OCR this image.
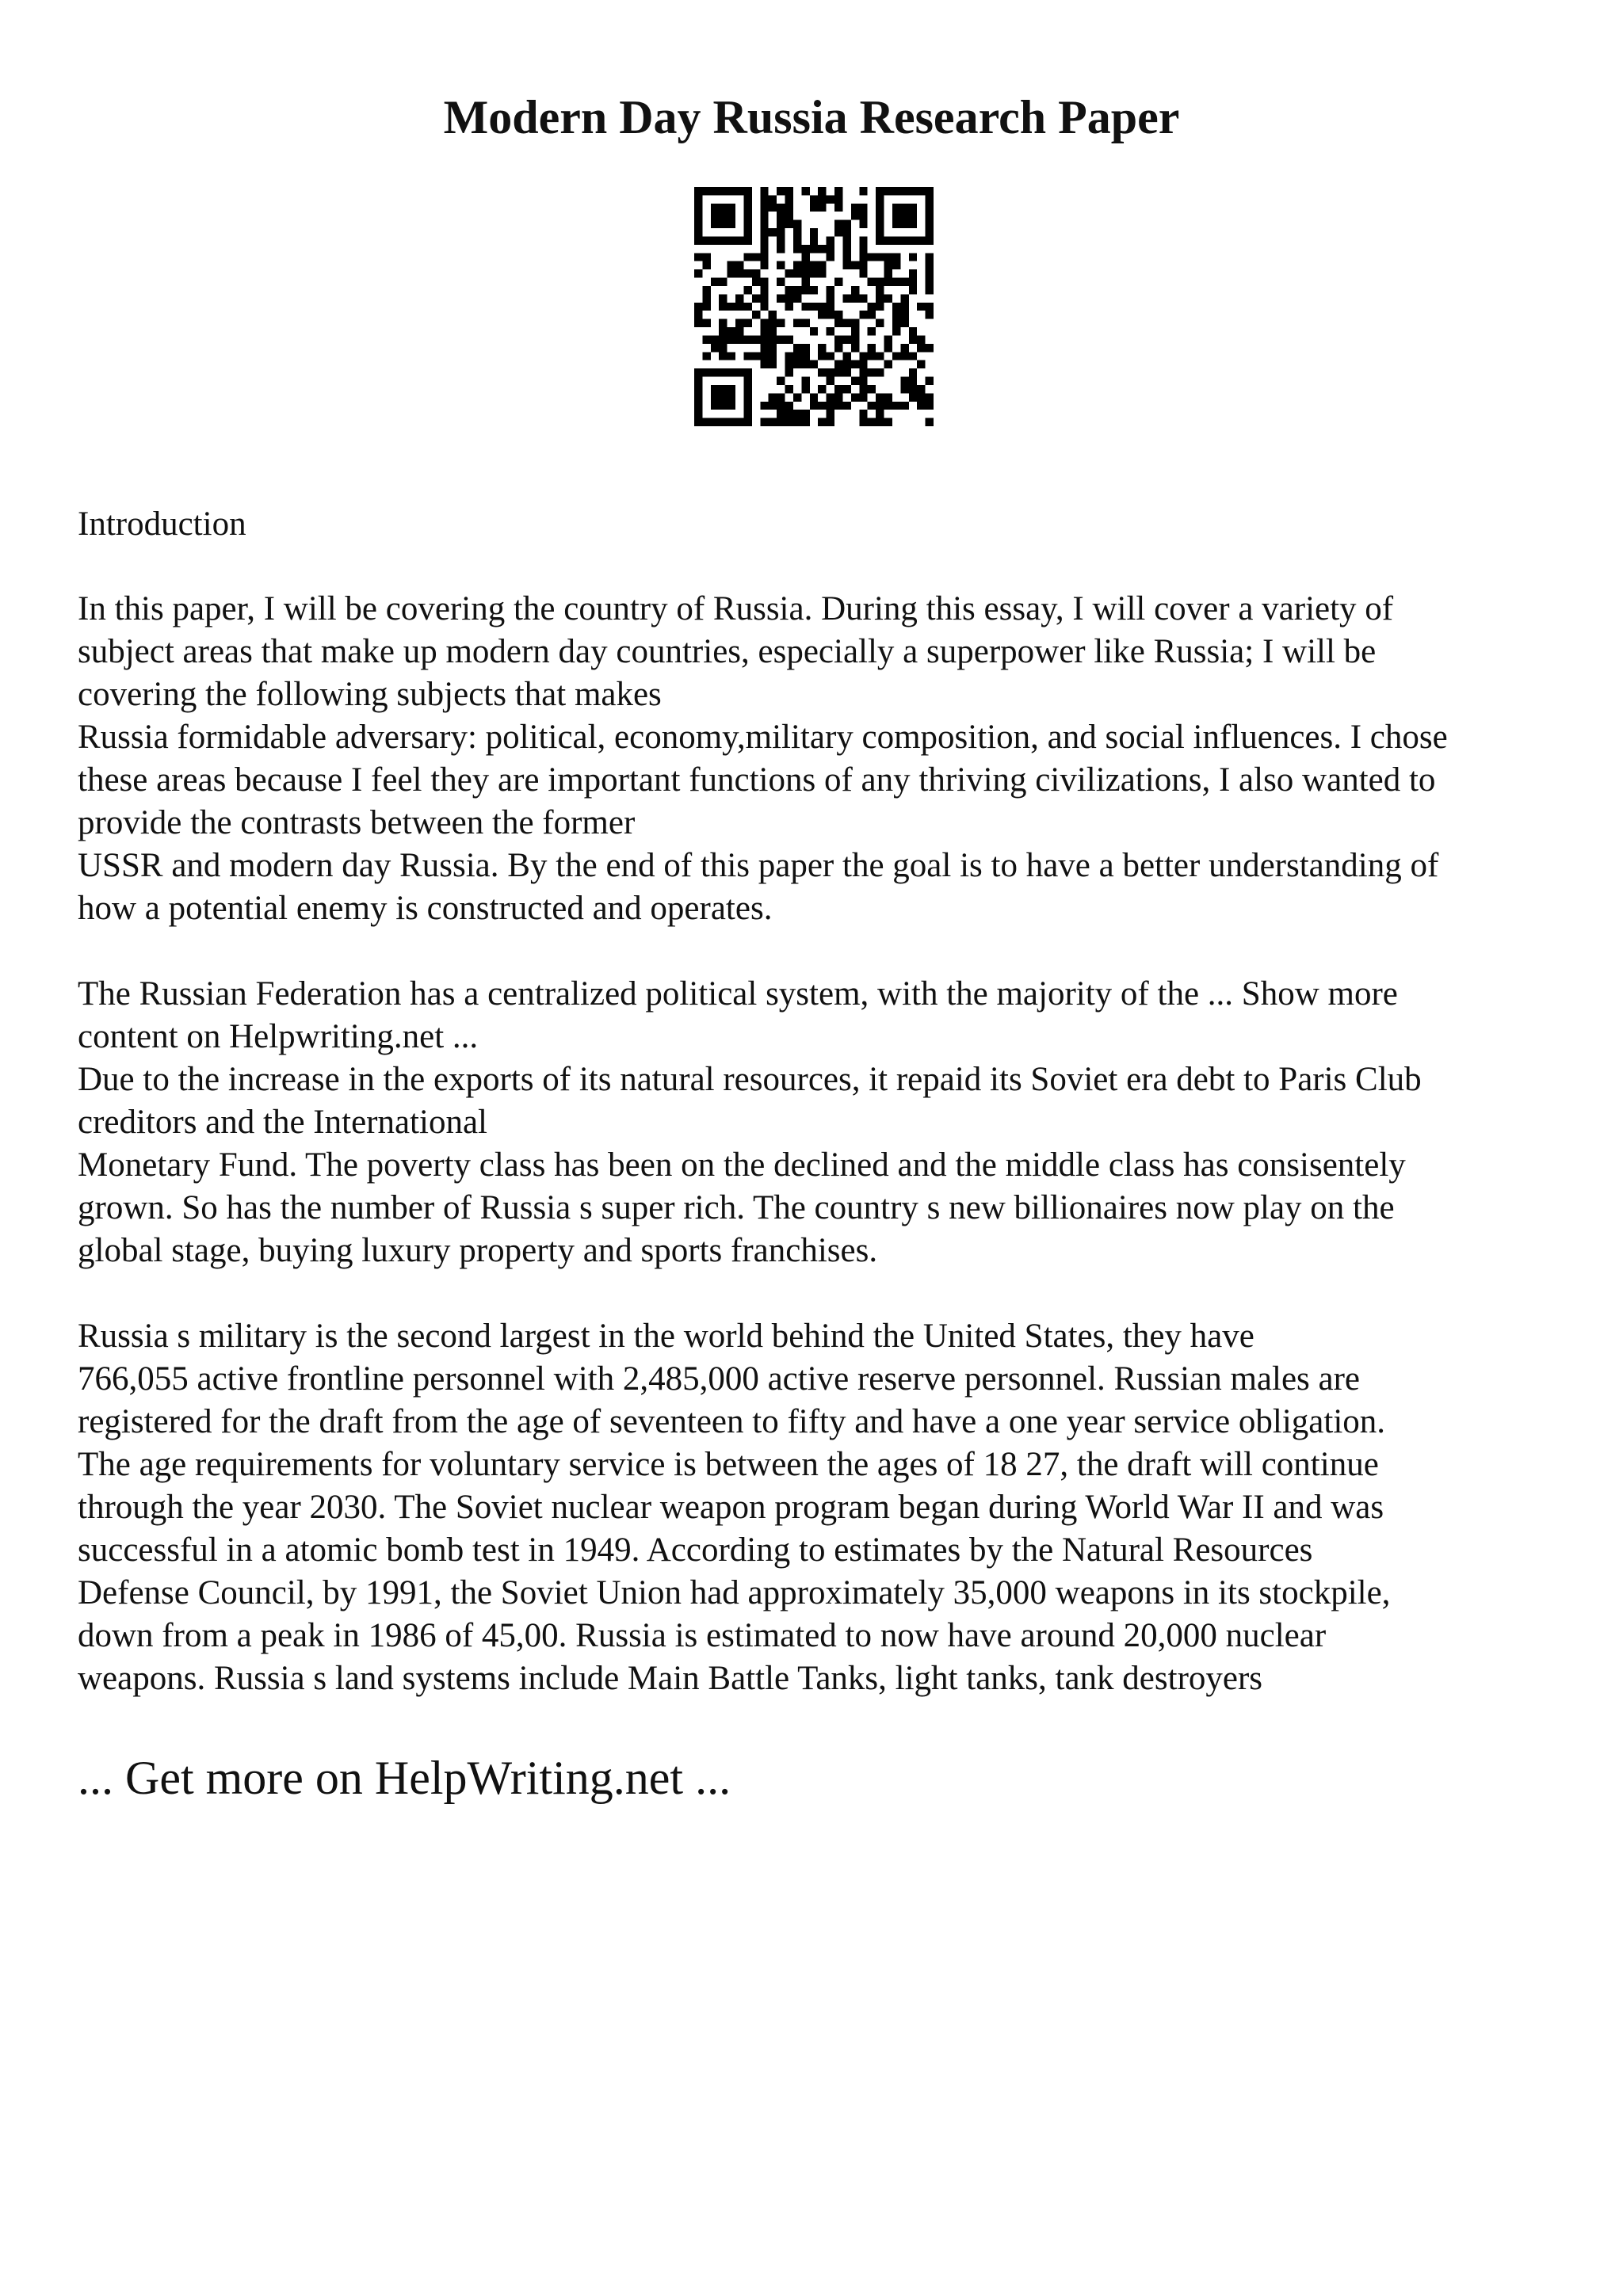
Modern Day Russia Research Paper
Introduction
In this paper, I will be covering the country of Russia. During this essay, I will cover a variety of
subject areas that make up modern day countries, especially a superpower like Russia; I will be
covering the following subjects that makes
Russia formidable adversary: political, economy,military composition, and social influences. I chose
these areas because I feel they are important functions of any thriving civilizations, I also wanted to
provide the contrasts between the former
USSR and modern day Russia. By the end of this paper the goal is to have a better understanding of
how a potential enemy is constructed and operates.
The Russian Federation has a centralized political system, with the majority of the ... Show more
content on Helpwriting.net ...
Due to the increase in the exports of its natural resources, it repaid its Soviet era debt to Paris Club
creditors and the International
Monetary Fund. The poverty class has been on the declined and the middle class has consisentely
grown. So has the number of Russia s super rich. The country s new billionaires now play on the
global stage, buying luxury property and sports franchises.
Russia s military is the second largest in the world behind the United States, they have
766,055 active frontline personnel with 2,485,000 active reserve personnel. Russian males are
registered for the draft from the age of seventeen to fifty and have a one year service obligation.
The age requirements for voluntary service is between the ages of 18 27, the draft will continue
through the year 2030. The Soviet nuclear weapon program began during World War II and was
successful in a atomic bomb test in 1949. According to estimates by the Natural Resources
Defense Council, by 1991, the Soviet Union had approximately 35,000 weapons in its stockpile,
down from a peak in 1986 of 45,00. Russia is estimated to now have around 20,000 nuclear
weapons. Russia s land systems include Main Battle Tanks, light tanks, tank destroyers
... Get more on HelpWriting.net ...
